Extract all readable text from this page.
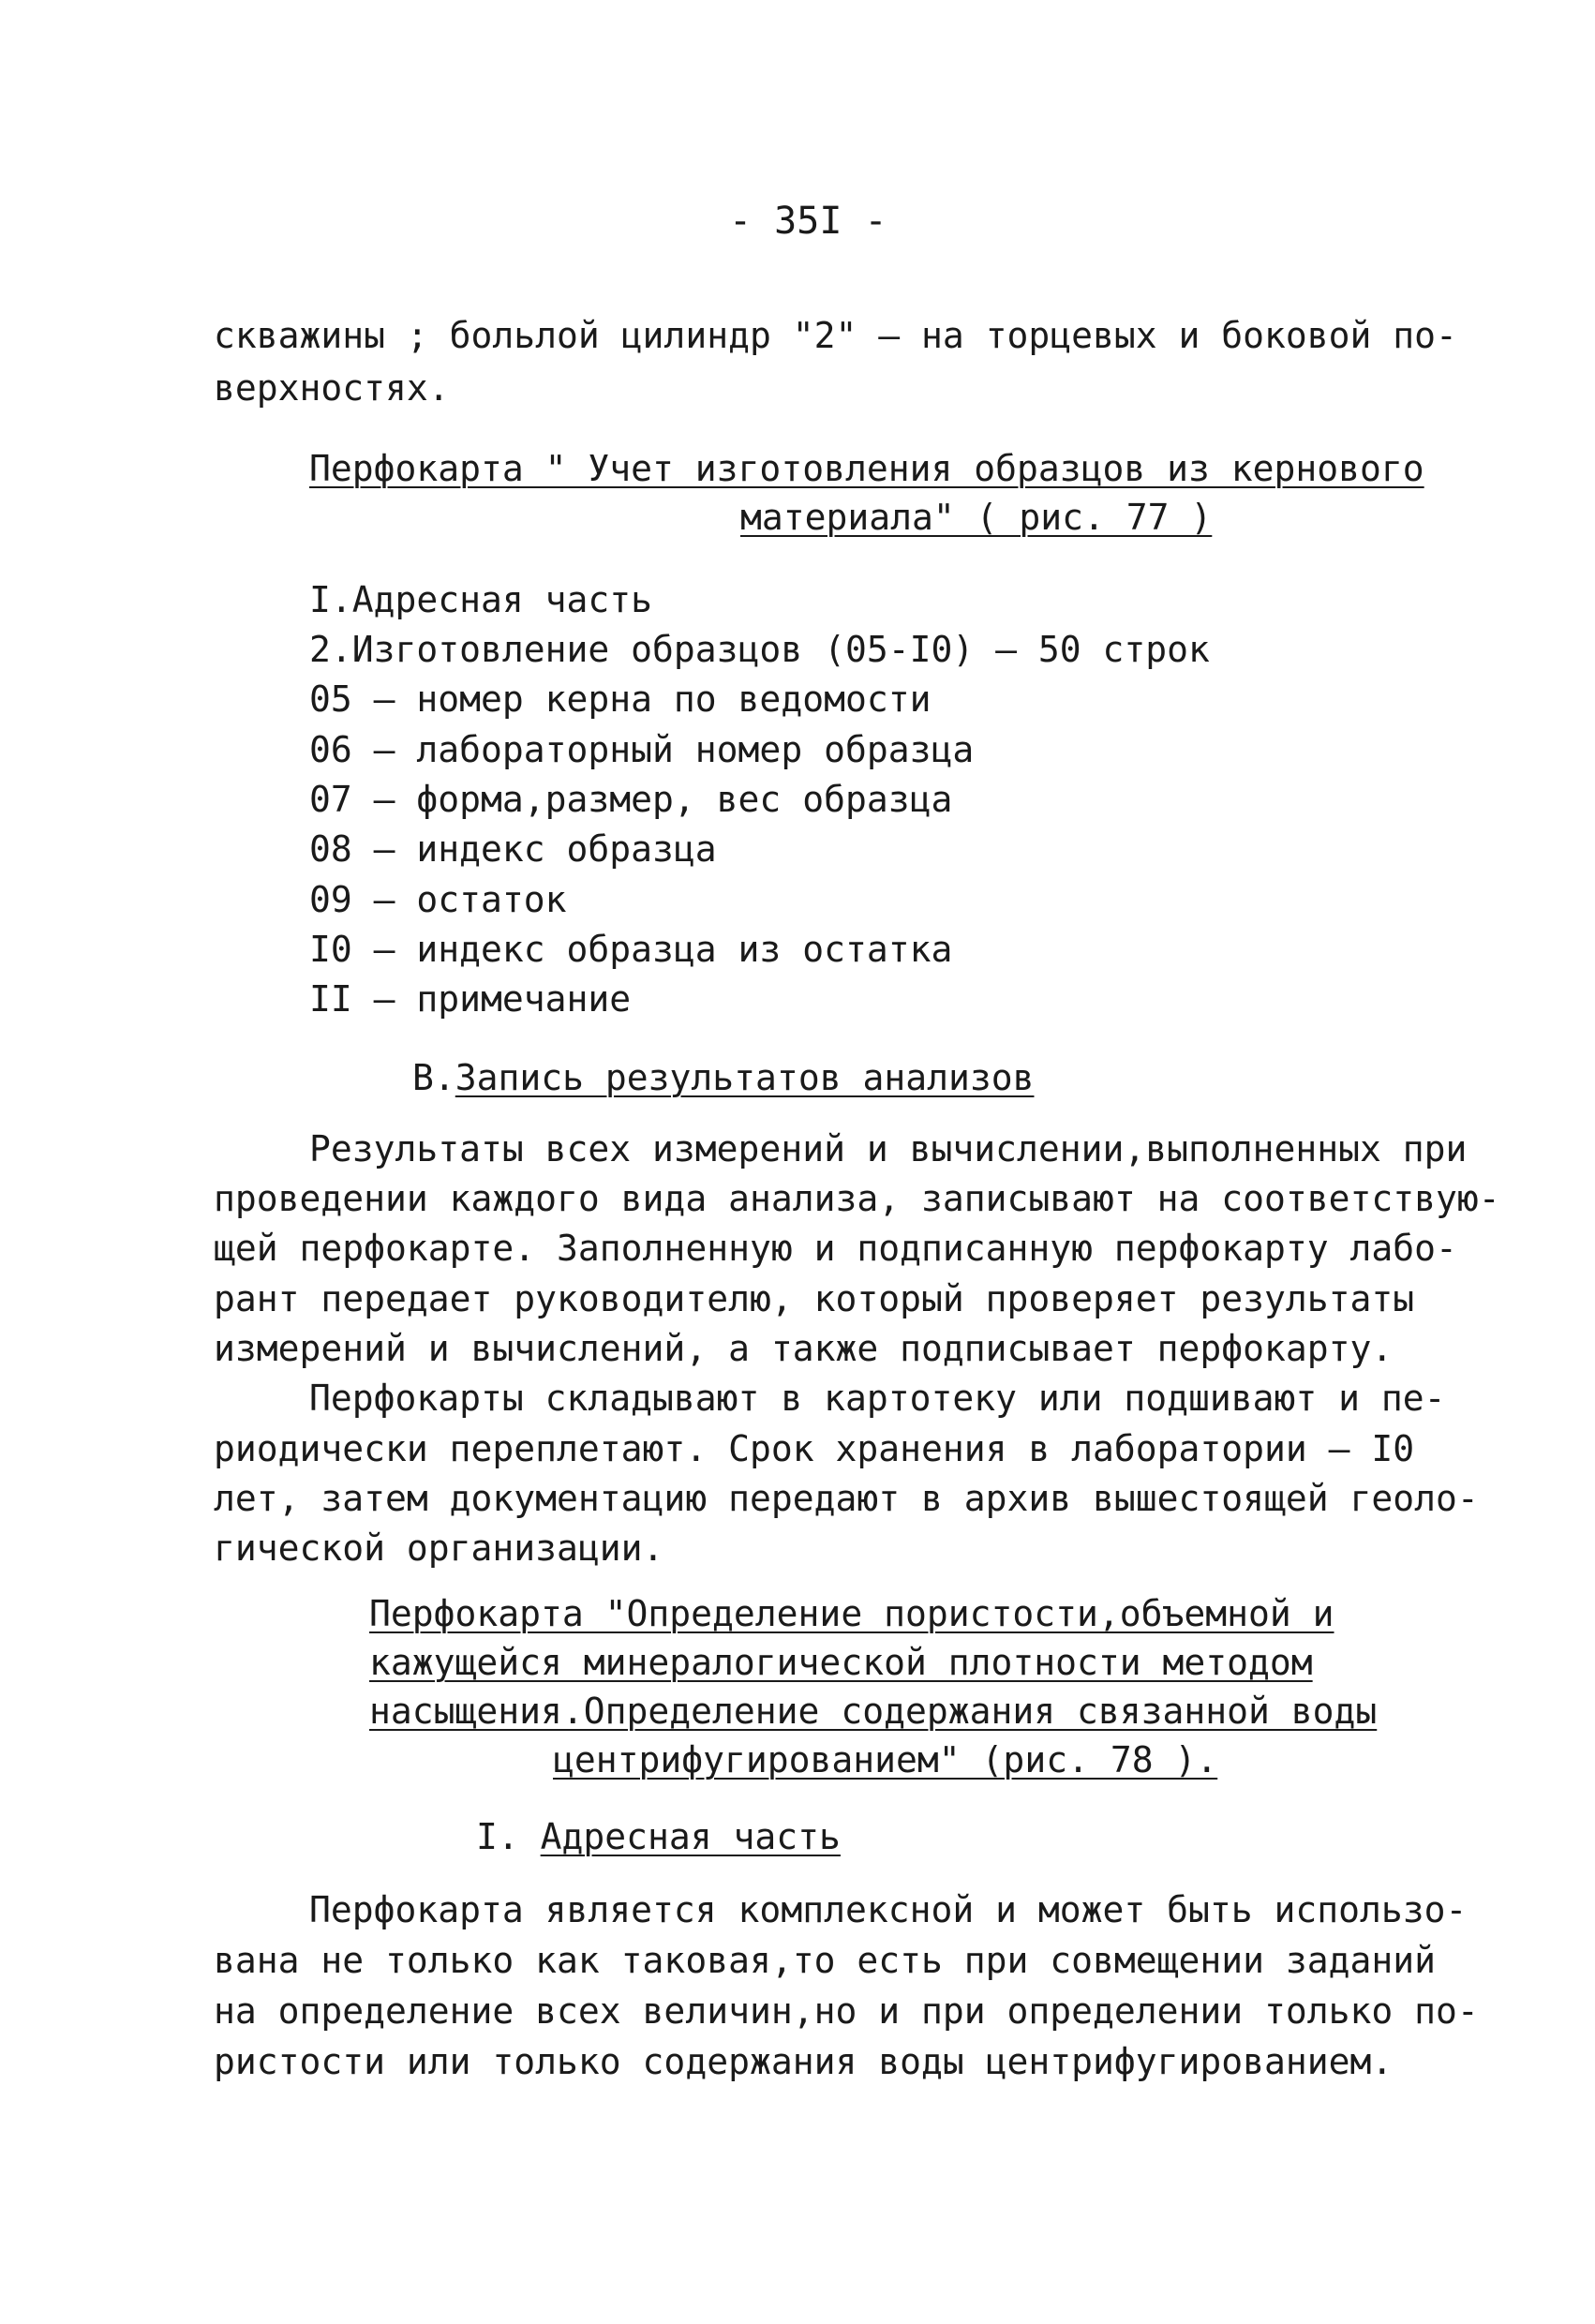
- 35I -

скважины ; больлой цилиндр "2" – на торцевых и боковой по-

верхностях.

Перфокарта " Учет изготовления образцов из кернового

материала" ( рис. 77 )

I.Адресная часть

2.Изготовление образцов (05-I0) – 50 строк

05 – номер керна по ведомости

06 – лабораторный номер образца

07 – форма,размер, вес образца

08 – индекс образца

09 – остаток

I0 – индекс образца из остатка

II – примечание

В.Запись результатов анализов

Результаты всех измерений и вычислении,выполненных при

проведении каждого вида анализа, записывают на соответствую-

щей перфокарте. Заполненную и подписанную перфокарту лабо-

рант передает руководителю, который проверяет результаты

измерений и вычислений, а также подписывает перфокарту.

Перфокарты складывают в картотеку или подшивают и пе-

риодически переплетают. Срок хранения в лаборатории – I0

лет, затем документацию передают в архив вышестоящей геоло-

гической организации.

Перфокарта "Определение пористости,объемной и

кажущейся минералогической плотности методом

насыщения.Определение содержания связанной воды

центрифугированием" (рис. 78 ).

I. Адресная часть

Перфокарта является комплексной и может быть использо-

вана не только как таковая,то есть при совмещении заданий

на определение всех величин,но и при определении только по-

ристости или только содержания воды центрифугированием.
